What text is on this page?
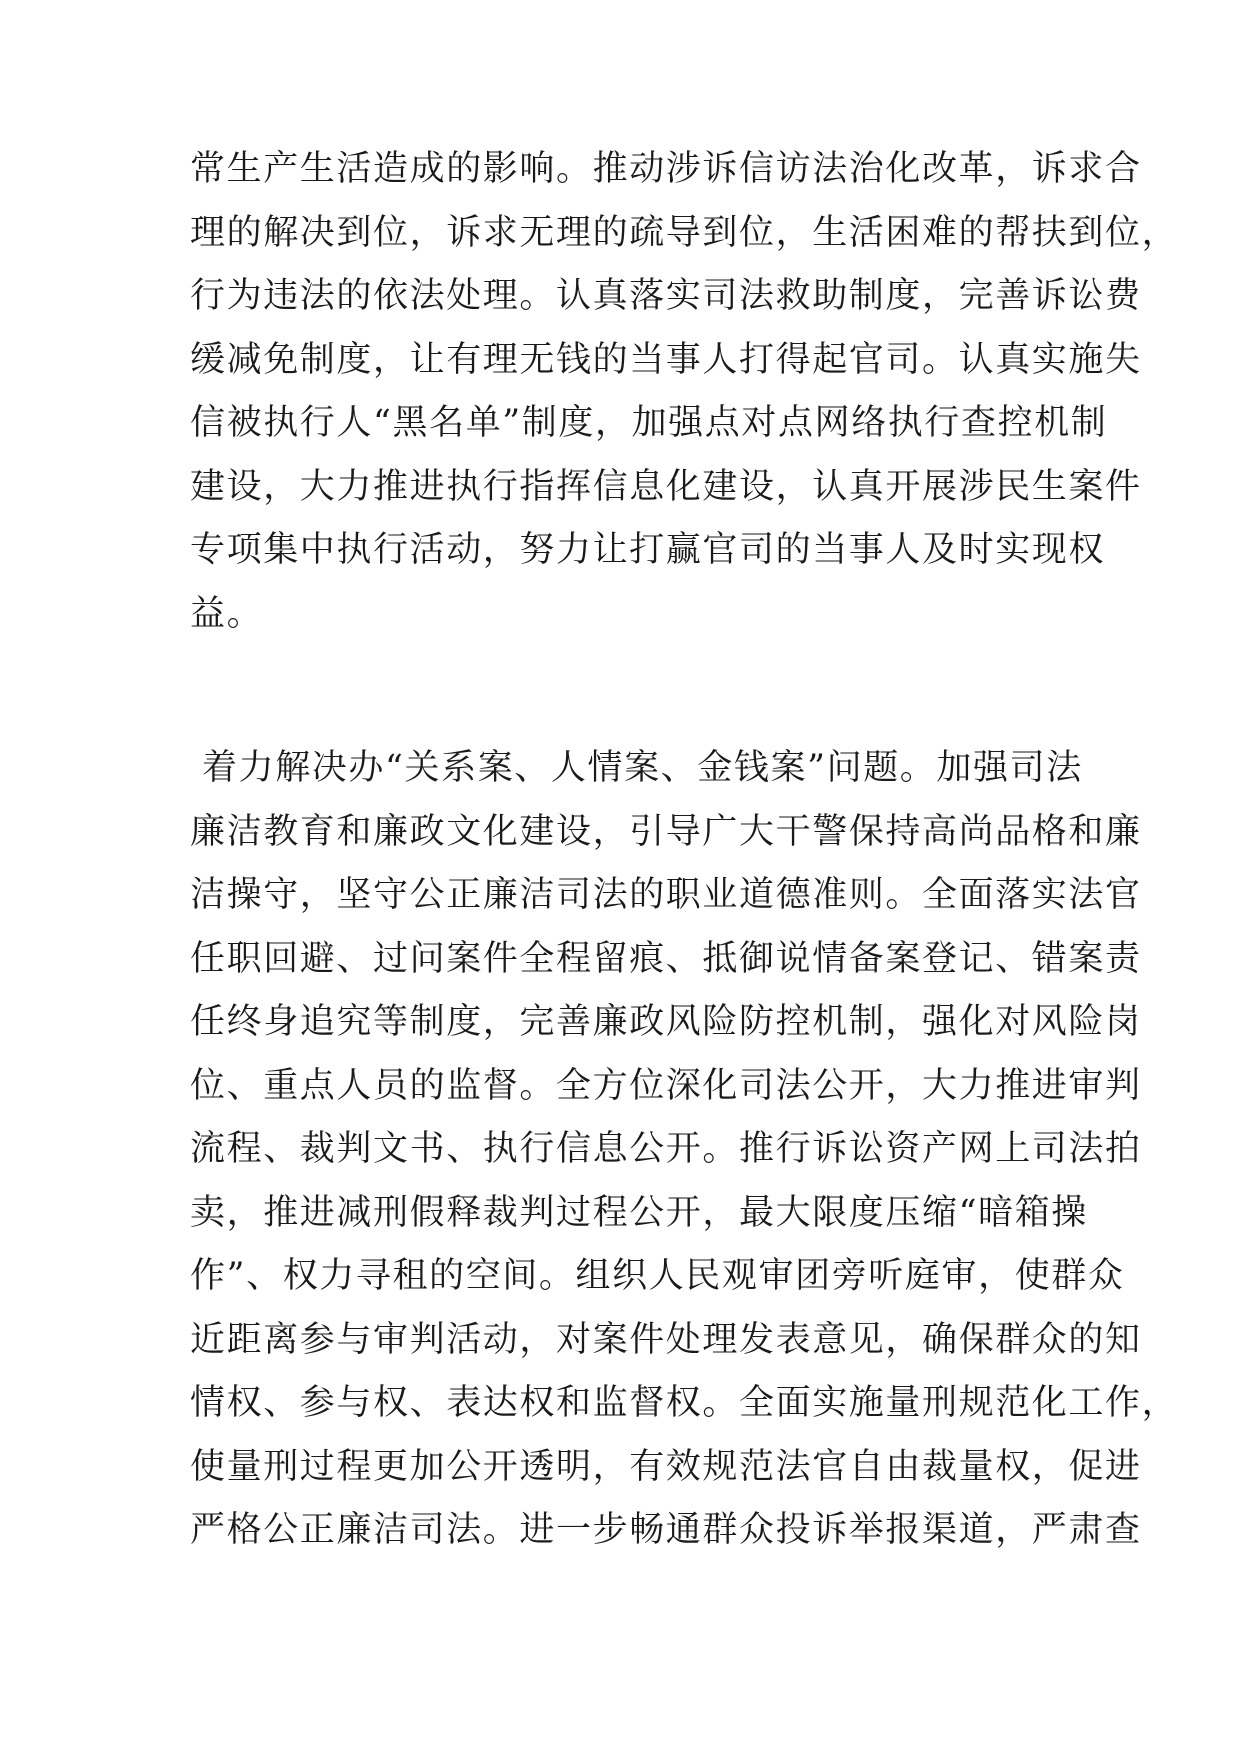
常生产生活造成的影响。推动涉诉信访法治化改革，诉求合
理的解决到位，诉求无理的疏导到位，生活困难的帮扶到位，
行为违法的依法处理。认真落实司法救助制度，完善诉讼费
缓减免制度，让有理无钱的当事人打得起官司。认真实施失
信被执行人“黑名单”制度，加强点对点网络执行查控机制
建设，大力推进执行指挥信息化建设，认真开展涉民生案件
专项集中执行活动，努力让打赢官司的当事人及时实现权
益。
着力解决办“关系案、人情案、金钱案”问题。加强司法
廉洁教育和廉政文化建设，引导广大干警保持高尚品格和廉
洁操守，坚守公正廉洁司法的职业道德准则。全面落实法官
任职回避、过问案件全程留痕、抵御说情备案登记、错案责
任终身追究等制度，完善廉政风险防控机制，强化对风险岗
位、重点人员的监督。全方位深化司法公开，大力推进审判
流程、裁判文书、执行信息公开。推行诉讼资产网上司法拍
卖，推进减刑假释裁判过程公开，最大限度压缩“暗箱操
作”、权力寻租的空间。组织人民观审团旁听庭审，使群众
近距离参与审判活动，对案件处理发表意见，确保群众的知
情权、参与权、表达权和监督权。全面实施量刑规范化工作，
使量刑过程更加公开透明，有效规范法官自由裁量权，促进
严格公正廉洁司法。进一步畅通群众投诉举报渠道，严肃查
